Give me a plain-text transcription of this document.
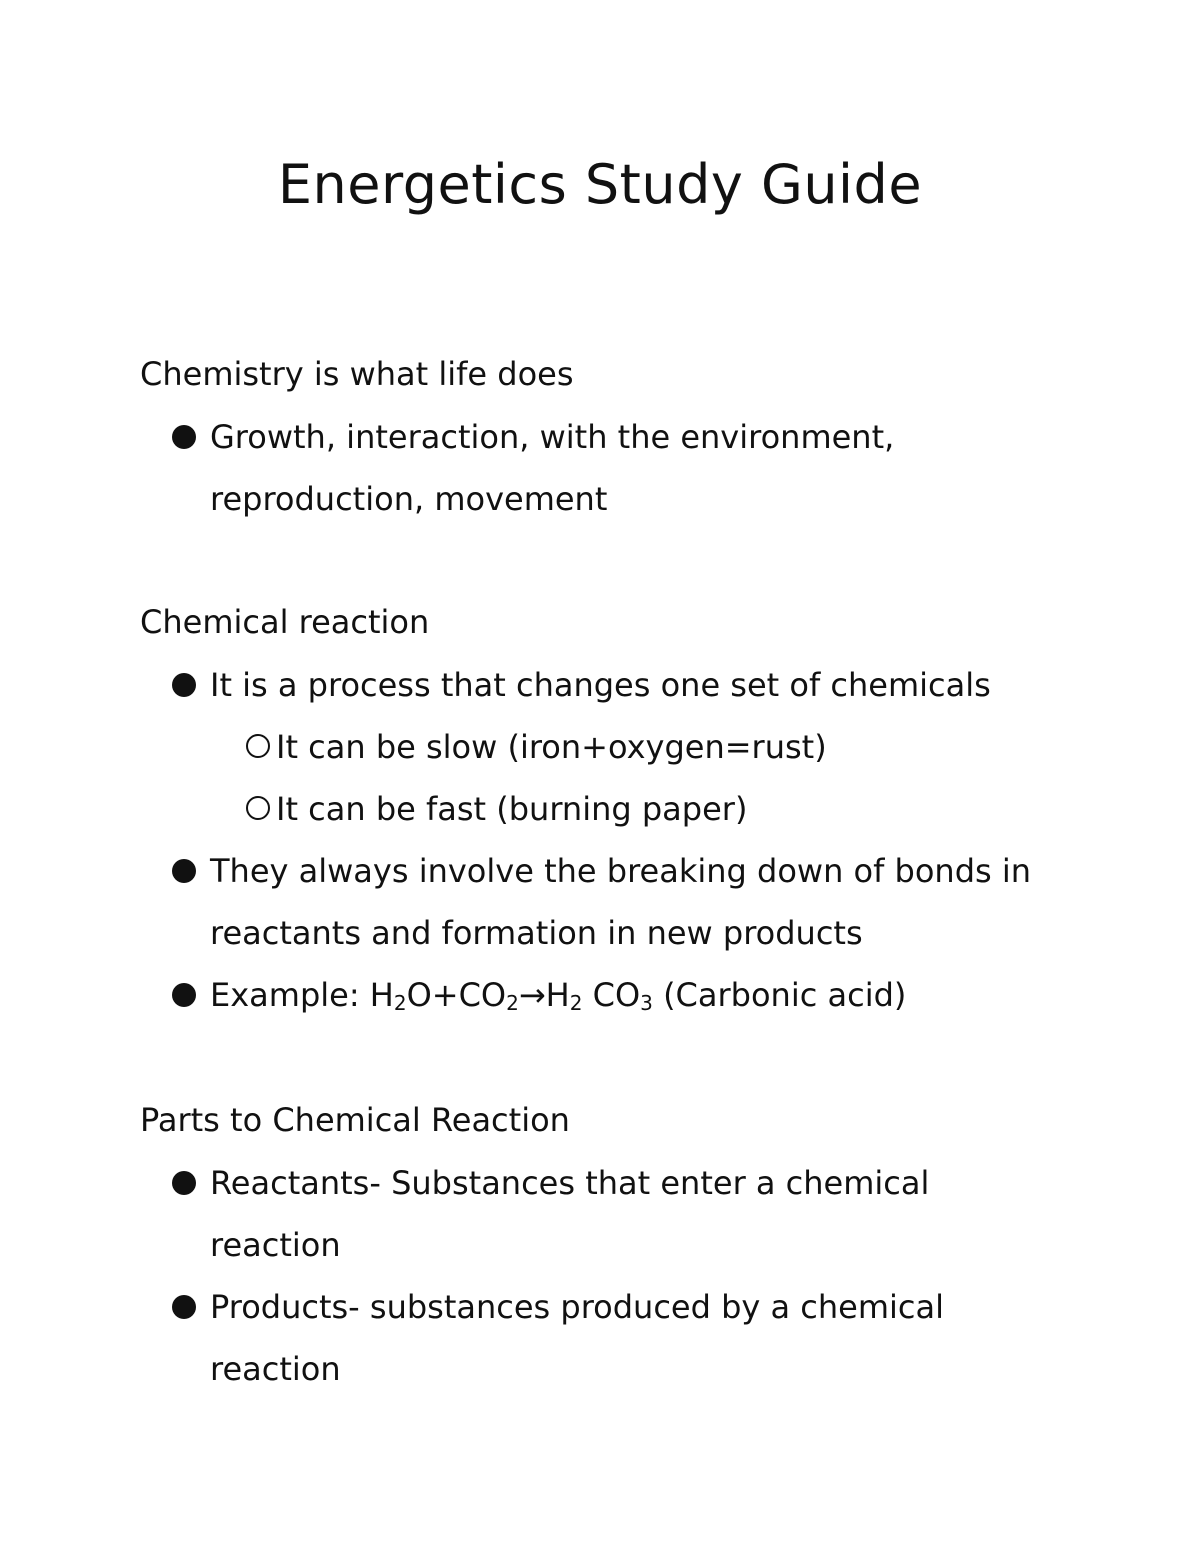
Energetics Study Guide
Chemistry is what life does
Growth, interaction, with the environment, reproduction, movement
Chemical reaction
It is a process that changes one set of chemicals
It can be slow (iron+oxygen=rust)
It can be fast (burning paper)
They always involve the breaking down of bonds in reactants and formation in new products
Example: $H_2O+CO_2\to H_2$ $CO_3$ (Carbonic acid)
Parts to Chemical Reaction
Reactants- Substances that enter a chemical reaction
Products- substances produced by a chemical reaction
